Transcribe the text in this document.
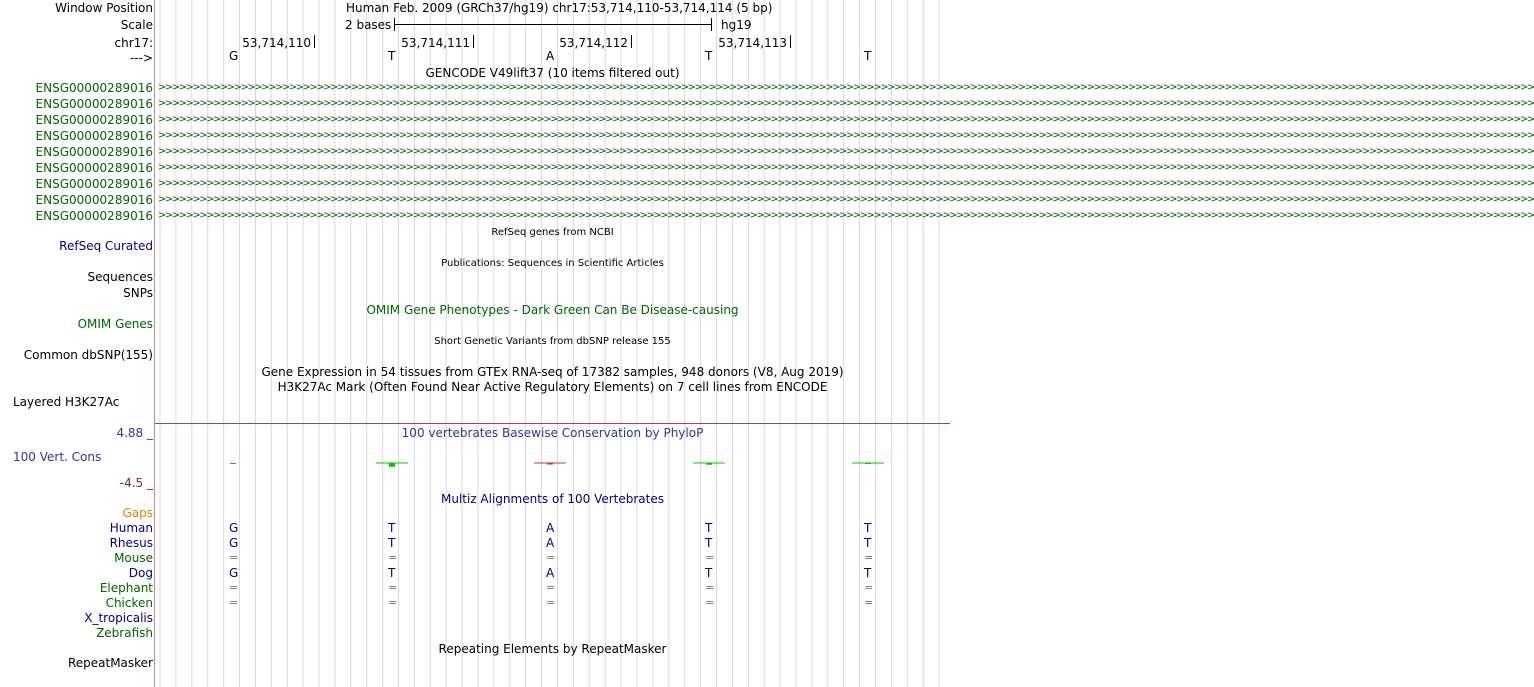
Window Position	Human Feb. 2009 (GRCh37/hg19) chr17:53,714,110-53,714,114 (5 bp)
Scale	2 bases	hg19
chr17:	53,714,110	53,714,111	53,714,112	53,714,113
--->	G	T	A	T	T
GENCODE V49lift37 (10 items filtered out)
ENSG00000289016 >>>>>>>>>>>>>>>>>>>>>>>>>>>>>>>>>>>>>>>>>>>>>>>>>>>>>>>>>>>>>>>>>>>>>>>>>>>>>>>>>>>>>>>>>>>>>>>>>>>>>>>>>>>>>>>>>>>>>>>>>>>>>>>>>>>>>>>>>>>>>>>>>>>>>>>>>>>>>>>>>>>>>>>>>>>>>>>>>>>>>>>>>>>>>>>>>>>>>>>>
ENSG00000289016 >>>>>>>>>>>>>>>>>>>>>>>>>>>>>>>>>>>>>>>>>>>>>>>>>>>>>>>>>>>>>>>>>>>>>>>>>>>>>>>>>>>>>>>>>>>>>>>>>>>>>>>>>>>>>>>>>>>>>>>>>>>>>>>>>>>>>>>>>>>>>>>>>>>>>>>>>>>>>>>>>>>>>>>>>>>>>>>>>>>>>>>>>>>>>>>>>>>>>>>>
ENSG00000289016 >>>>>>>>>>>>>>>>>>>>>>>>>>>>>>>>>>>>>>>>>>>>>>>>>>>>>>>>>>>>>>>>>>>>>>>>>>>>>>>>>>>>>>>>>>>>>>>>>>>>>>>>>>>>>>>>>>>>>>>>>>>>>>>>>>>>>>>>>>>>>>>>>>>>>>>>>>>>>>>>>>>>>>>>>>>>>>>>>>>>>>>>>>>>>>>>>>>>>>>>
ENSG00000289016 >>>>>>>>>>>>>>>>>>>>>>>>>>>>>>>>>>>>>>>>>>>>>>>>>>>>>>>>>>>>>>>>>>>>>>>>>>>>>>>>>>>>>>>>>>>>>>>>>>>>>>>>>>>>>>>>>>>>>>>>>>>>>>>>>>>>>>>>>>>>>>>>>>>>>>>>>>>>>>>>>>>>>>>>>>>>>>>>>>>>>>>>>>>>>>>>>>>>>>>>
ENSG00000289016 >>>>>>>>>>>>>>>>>>>>>>>>>>>>>>>>>>>>>>>>>>>>>>>>>>>>>>>>>>>>>>>>>>>>>>>>>>>>>>>>>>>>>>>>>>>>>>>>>>>>>>>>>>>>>>>>>>>>>>>>>>>>>>>>>>>>>>>>>>>>>>>>>>>>>>>>>>>>>>>>>>>>>>>>>>>>>>>>>>>>>>>>>>>>>>>>>>>>>>>>
ENSG00000289016 >>>>>>>>>>>>>>>>>>>>>>>>>>>>>>>>>>>>>>>>>>>>>>>>>>>>>>>>>>>>>>>>>>>>>>>>>>>>>>>>>>>>>>>>>>>>>>>>>>>>>>>>>>>>>>>>>>>>>>>>>>>>>>>>>>>>>>>>>>>>>>>>>>>>>>>>>>>>>>>>>>>>>>>>>>>>>>>>>>>>>>>>>>>>>>>>>>>>>>>>
ENSG00000289016 >>>>>>>>>>>>>>>>>>>>>>>>>>>>>>>>>>>>>>>>>>>>>>>>>>>>>>>>>>>>>>>>>>>>>>>>>>>>>>>>>>>>>>>>>>>>>>>>>>>>>>>>>>>>>>>>>>>>>>>>>>>>>>>>>>>>>>>>>>>>>>>>>>>>>>>>>>>>>>>>>>>>>>>>>>>>>>>>>>>>>>>>>>>>>>>>>>>>>>>>
ENSG00000289016 >>>>>>>>>>>>>>>>>>>>>>>>>>>>>>>>>>>>>>>>>>>>>>>>>>>>>>>>>>>>>>>>>>>>>>>>>>>>>>>>>>>>>>>>>>>>>>>>>>>>>>>>>>>>>>>>>>>>>>>>>>>>>>>>>>>>>>>>>>>>>>>>>>>>>>>>>>>>>>>>>>>>>>>>>>>>>>>>>>>>>>>>>>>>>>>>>>>>>>>>
ENSG00000289016 >>>>>>>>>>>>>>>>>>>>>>>>>>>>>>>>>>>>>>>>>>>>>>>>>>>>>>>>>>>>>>>>>>>>>>>>>>>>>>>>>>>>>>>>>>>>>>>>>>>>>>>>>>>>>>>>>>>>>>>>>>>>>>>>>>>>>>>>>>>>>>>>>>>>>>>>>>>>>>>>>>>>>>>>>>>>>>>>>>>>>>>>>>>>>>>>>>>>>>>>
RefSeq genes from NCBI
RefSeq Curated
Publications: Sequences in Scientific Articles
Sequences
SNPs
OMIM Gene Phenotypes - Dark Green Can Be Disease-causing
OMIM Genes
Short Genetic Variants from dbSNP release 155
Common dbSNP(155)
Gene Expression in 54 tissues from GTEx RNA-seq of 17382 samples, 948 donors (V8, Aug 2019)
H3K27Ac Mark (Often Found Near Active Regulatory Elements) on 7 cell lines from ENCODE
Layered H3K27Ac
4.88 _	100 vertebrates Basewise Conservation by PhyloP
100 Vert. Cons
-4.5 _
Multiz Alignments of 100 Vertebrates
Gaps
Human	G	T	A	T	T
Rhesus	G	T	A	T	T
Mouse	=	=	=	=	=
Dog	G	T	A	T	T
Elephant	=	=	=	=	=
Chicken	=	=	=	=	=
X_tropicalis
Zebrafish
Repeating Elements by RepeatMasker
RepeatMasker
